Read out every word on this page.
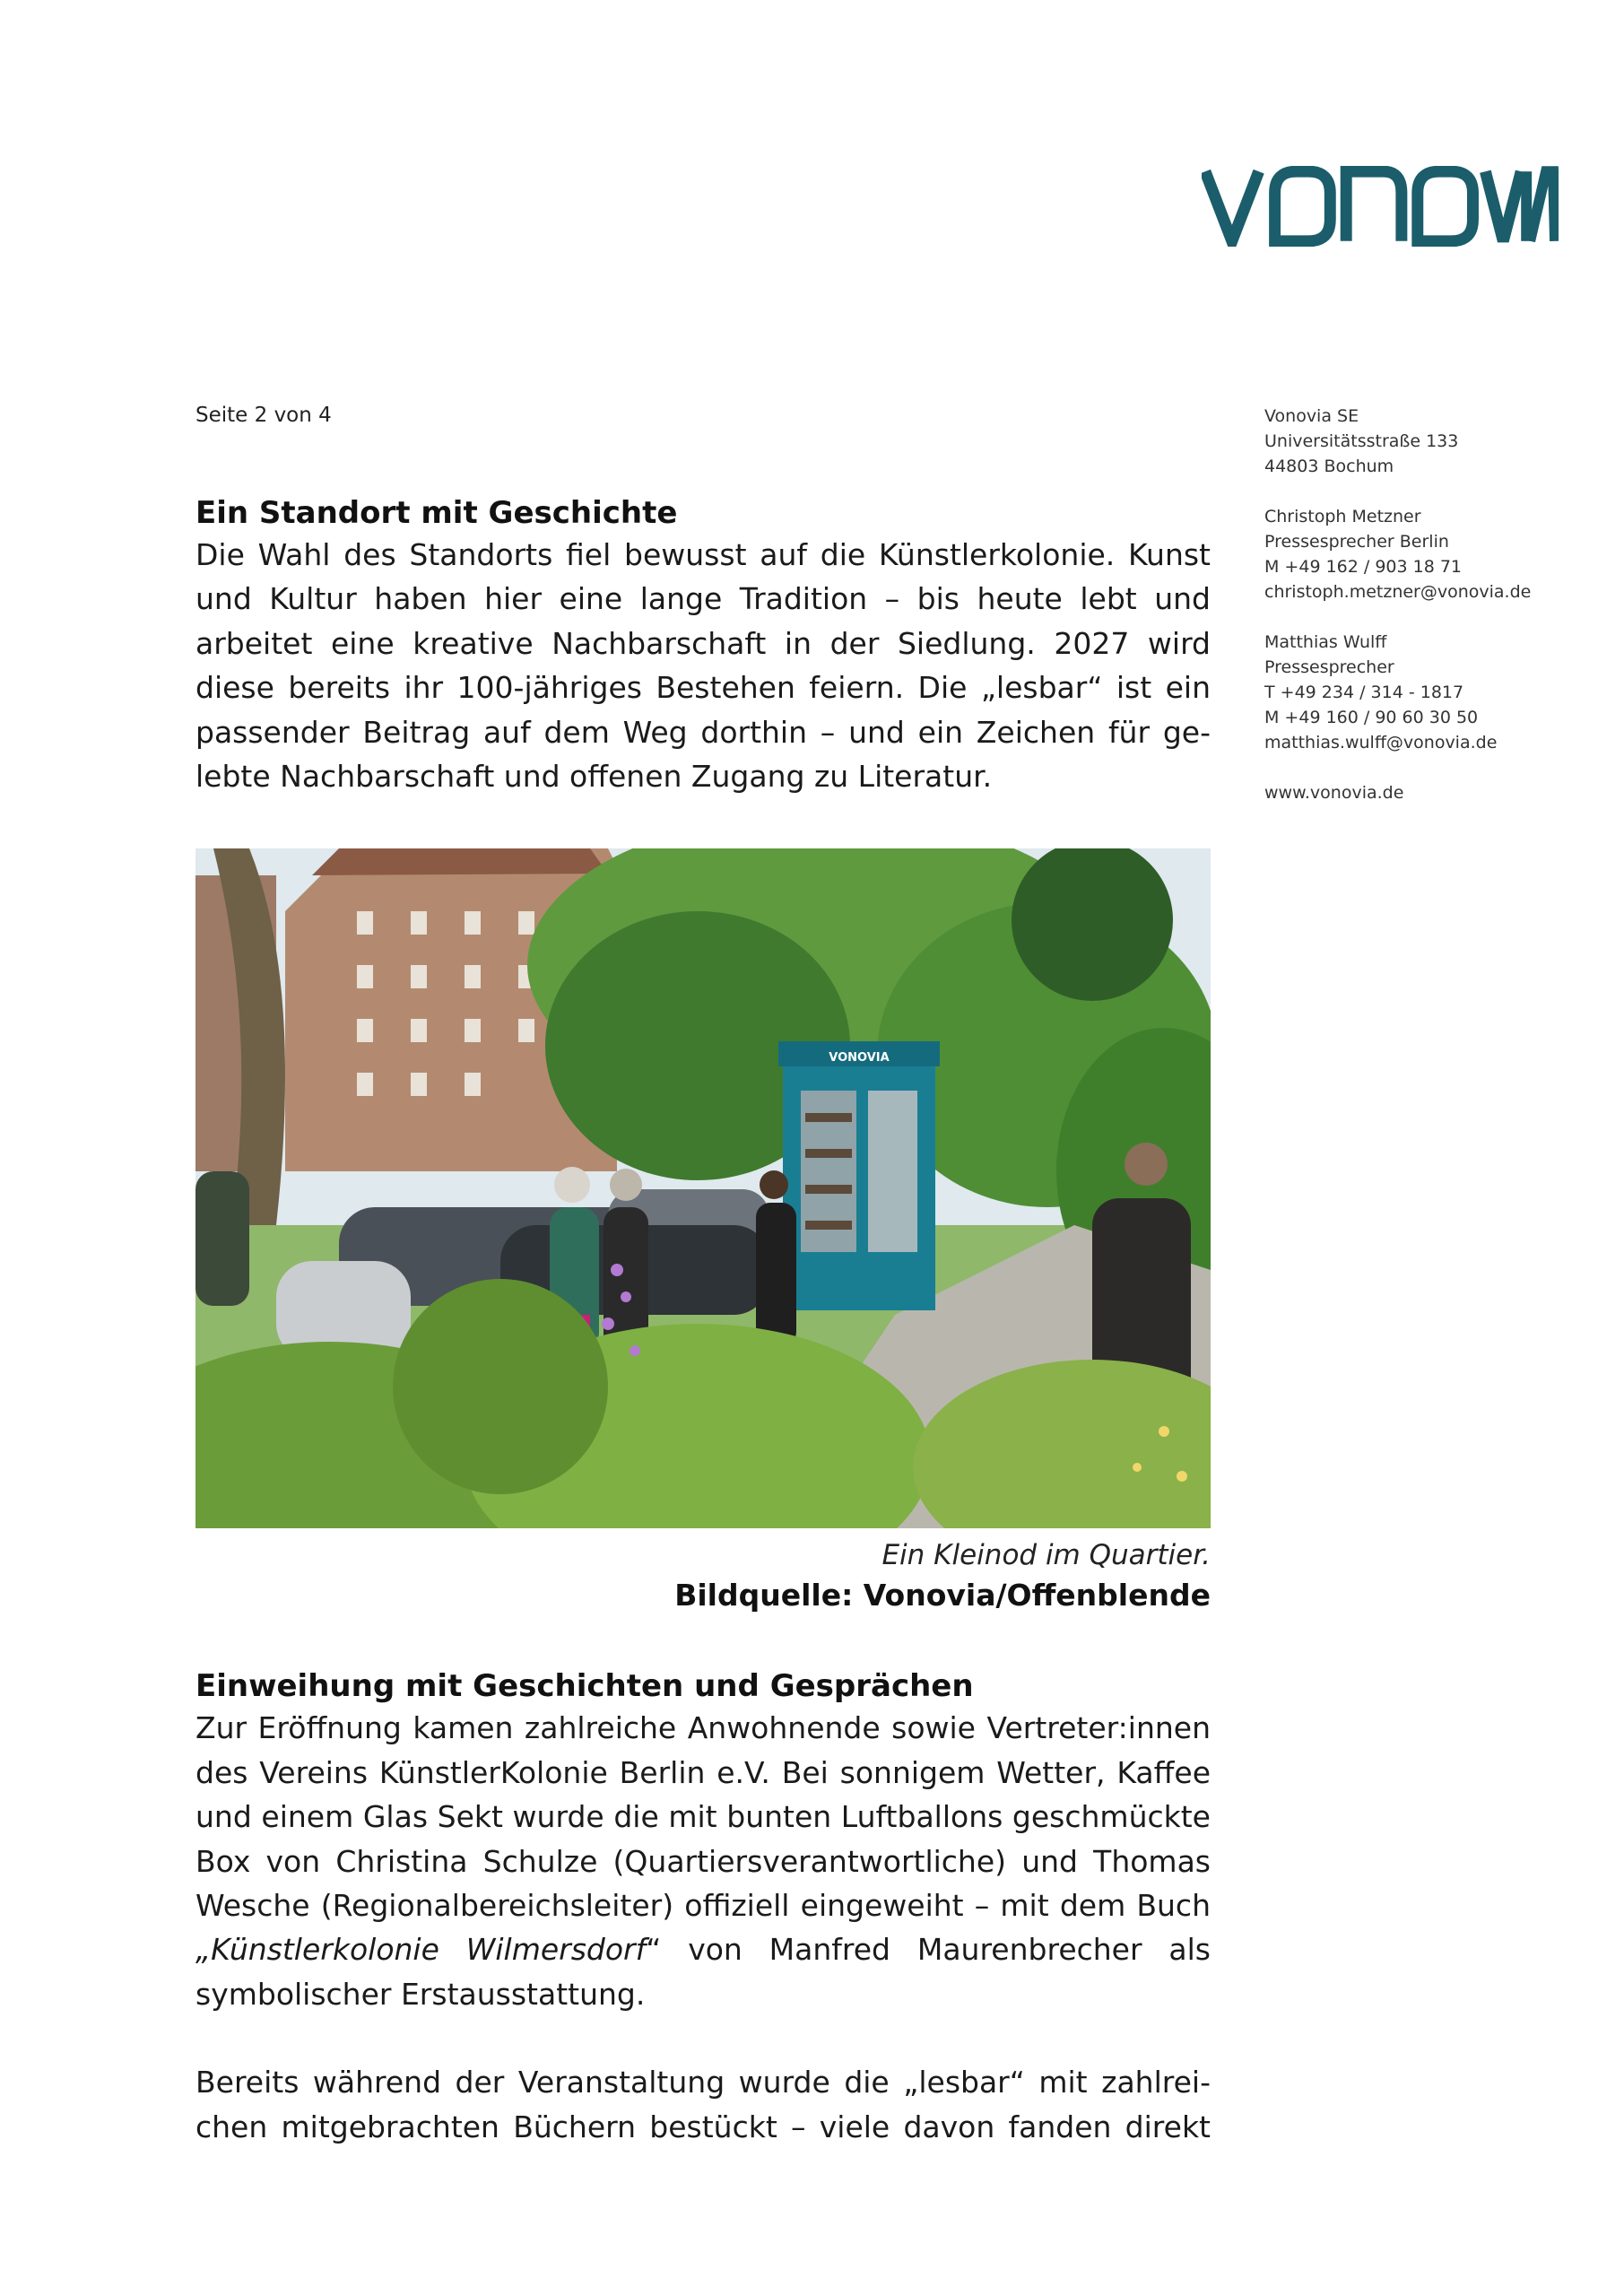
Seite 2 von 4	Vonovia SE
Universitätsstraße 133
44803 Bochum
Christoph Metzner
Pressesprecher Berlin
M +49 162 / 903 18 71
christoph.metzner@vonovia.de
Matthias Wulff
Pressesprecher
T +49 234 / 314 - 1817
M +49 160 / 90 60 30 50
matthias.wulff@vonovia.de
www.vonovia.de
Ein Standort mit Geschichte

Die Wahl des Standorts fiel bewusst auf die Künstlerkolonie. Kunst und Kultur haben hier eine lange Tradition – bis heute lebt und arbeitet eine kreative Nachbarschaft in der Siedlung. 2027 wird diese bereits ihr 100-jähriges Bestehen feiern. Die „lesbar“ ist ein passender Beitrag auf dem Weg dorthin – und ein Zeichen für gelebte Nachbarschaft und offenen Zugang zu Literatur.

VONOVIA
Ein Kleinod im Quartier.
Bildquelle: Vonovia/Offenblende
Einweihung mit Geschichten und Gesprächen

Zur Eröffnung kamen zahlreiche Anwohnende sowie Vertreter:innen des Vereins KünstlerKolonie Berlin e.V. Bei sonnigem Wetter, Kaffee und einem Glas Sekt wurde die mit bunten Luftballons geschmückte Box von Christina Schulze (Quartiersverantwortliche) und Thomas Wesche (Regionalbereichsleiter) offiziell eingeweiht – mit dem Buch „Künstlerkolonie Wilmersdorf“ von Manfred Maurenbrecher als symbolischer Erstausstattung.

Bereits während der Veranstaltung wurde die „lesbar“ mit zahlreichen mitgebrachten Büchern bestückt – viele davon fanden direkt
